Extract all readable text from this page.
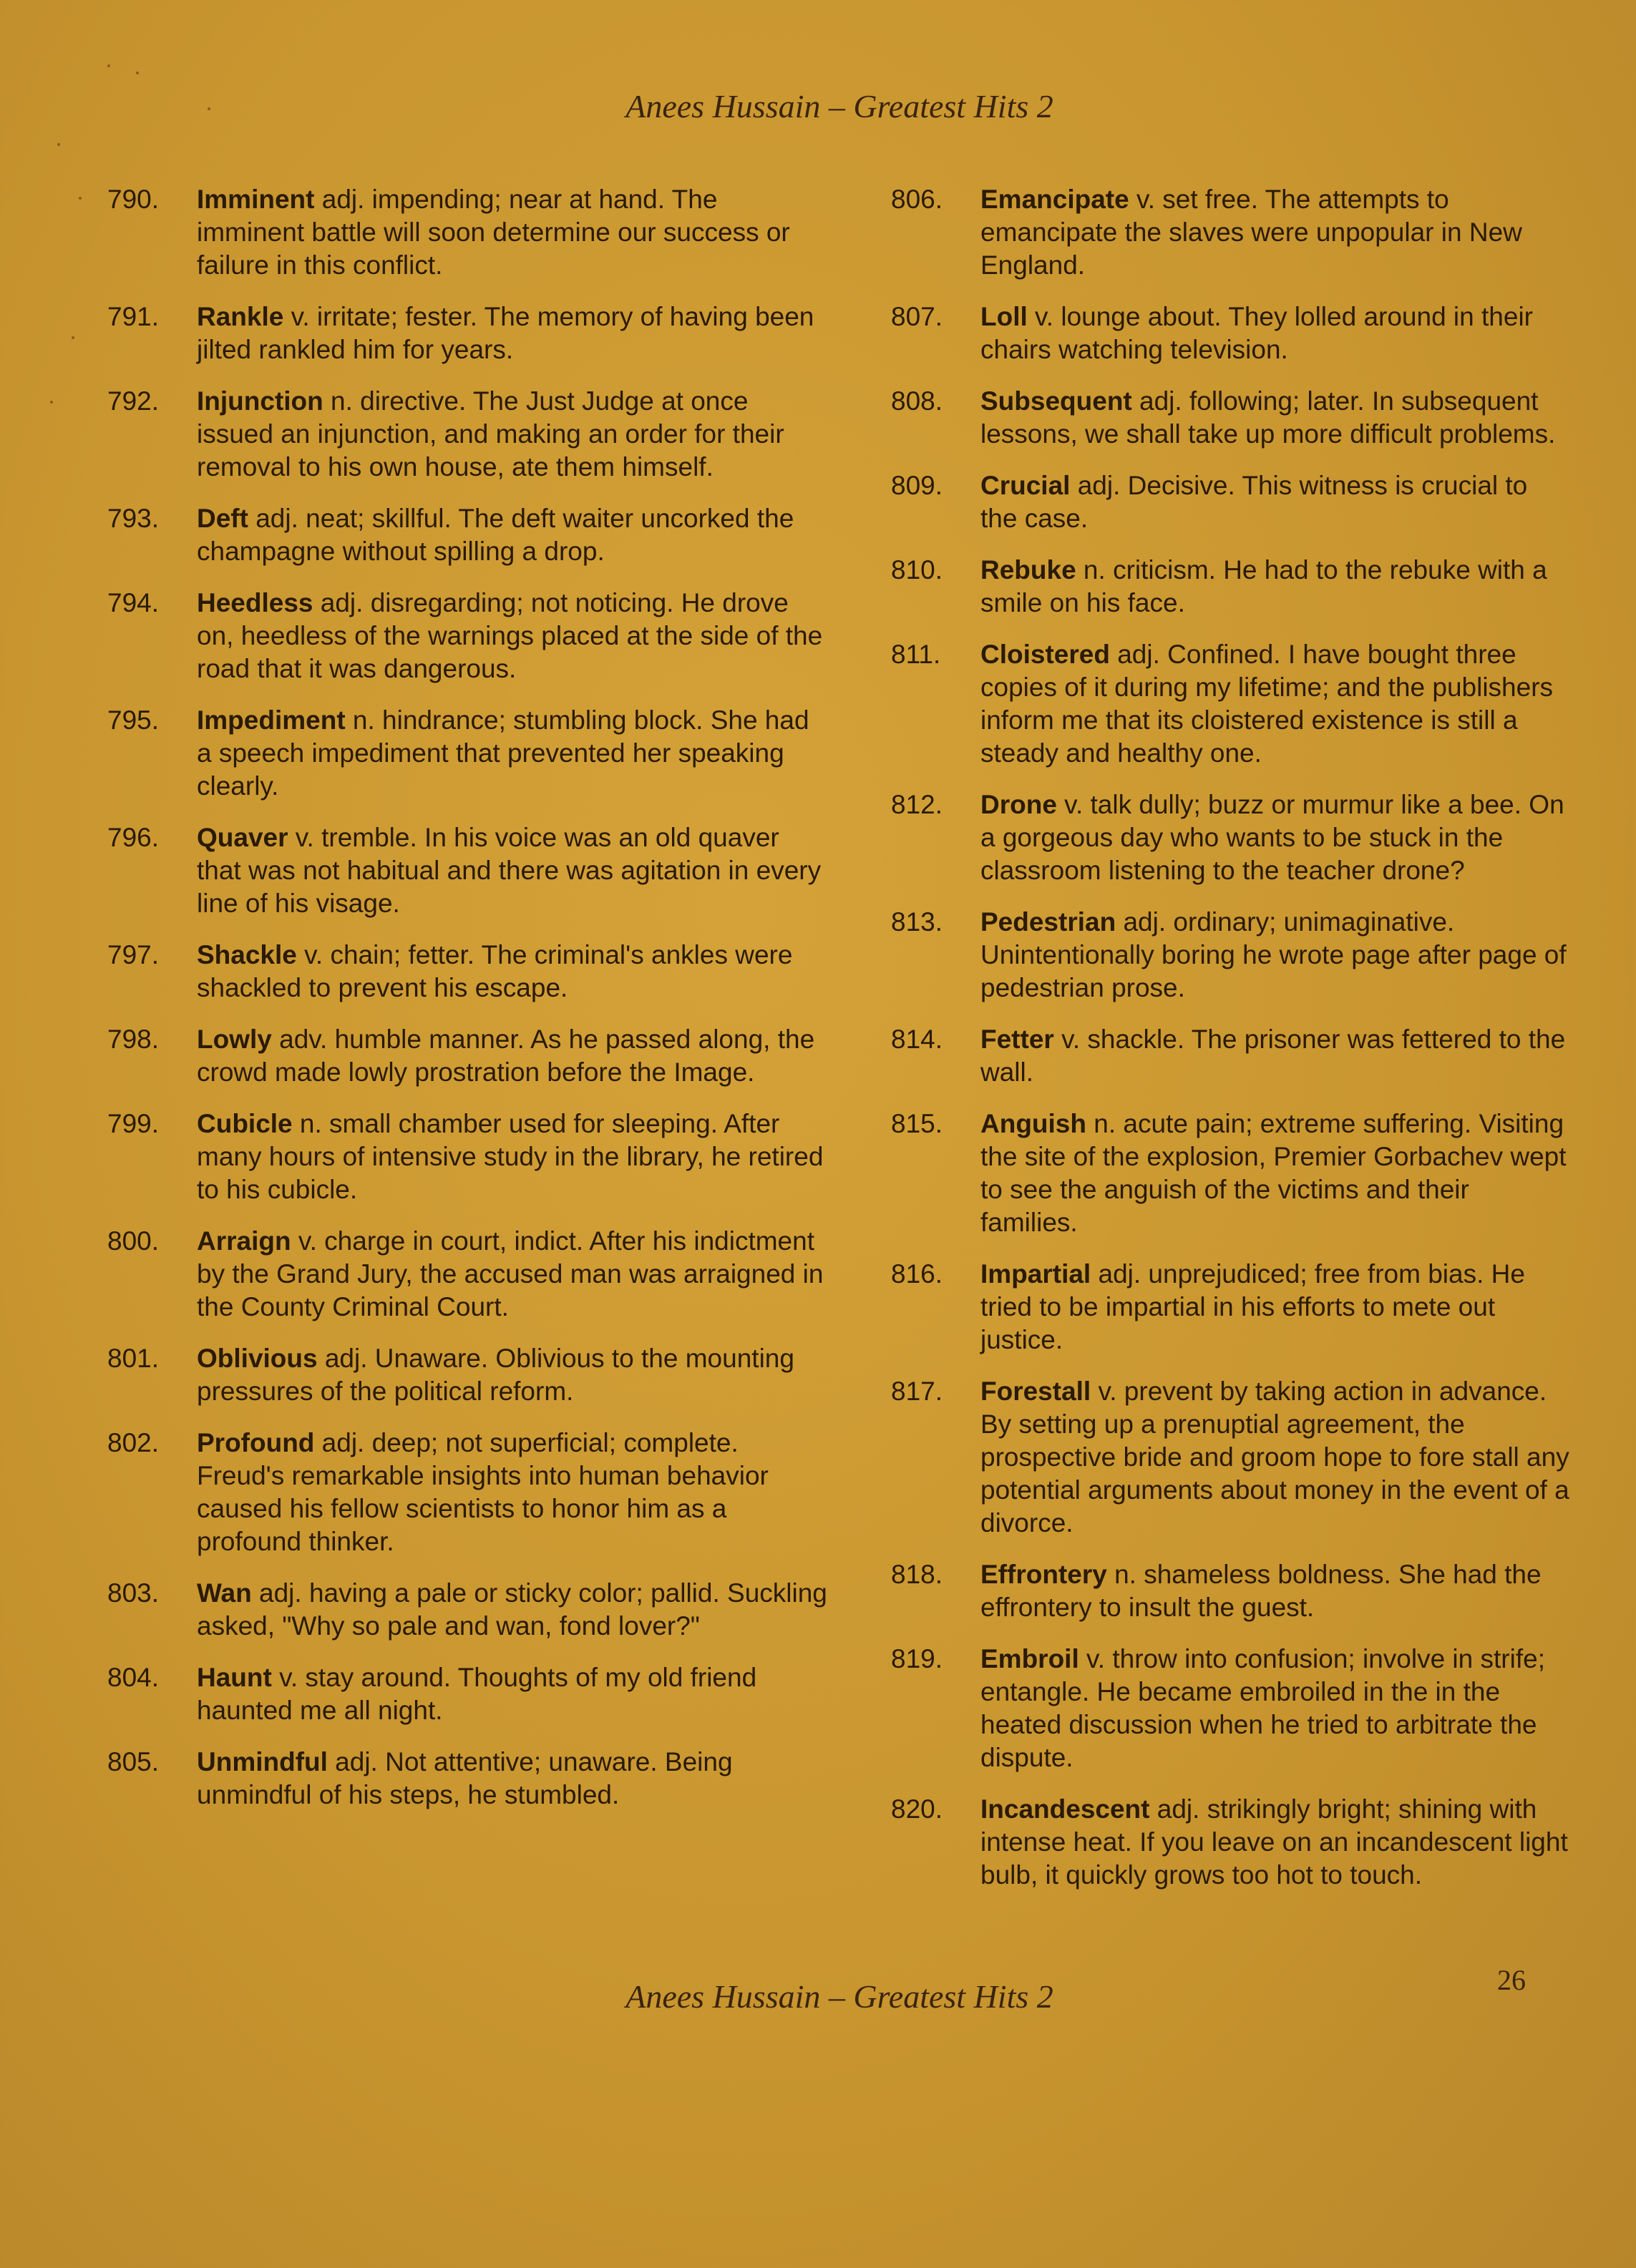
Anees Hussain – Greatest Hits 2
790.	Imminent adj. impending; near at hand. The imminent battle will soon determine our success or failure in this conflict.
791.	Rankle v. irritate; fester. The memory of having been jilted rankled him for years.
792.	Injunction n. directive. The Just Judge at once issued an injunction, and making an order for their removal to his own house, ate them himself.
793.	Deft adj. neat; skillful. The deft waiter uncorked the champagne without spilling a drop.
794.	Heedless adj. disregarding; not noticing. He drove on, heedless of the warnings placed at the side of the road that it was dangerous.
795.	Impediment n. hindrance; stumbling block. She had a speech impediment that prevented her speaking clearly.
796.	Quaver v. tremble. In his voice was an old quaver that was not habitual and there was agitation in every line of his visage.
797.	Shackle v. chain; fetter. The criminal's ankles were shackled to prevent his escape.
798.	Lowly adv. humble manner. As he passed along, the crowd made lowly prostration before the Image.
799.	Cubicle n. small chamber used for sleeping. After many hours of intensive study in the library, he retired to his cubicle.
800.	Arraign v. charge in court, indict. After his indictment by the Grand Jury, the accused man was arraigned in the County Criminal Court.
801.	Oblivious adj. Unaware. Oblivious to the mounting pressures of the political reform.
802.	Profound adj. deep; not superficial; complete. Freud's remarkable insights into human behavior caused his fellow scientists to honor him as a profound thinker.
803.	Wan adj. having a pale or sticky color; pallid. Suckling asked, "Why so pale and wan, fond lover?"
804.	Haunt v. stay around. Thoughts of my old friend haunted me all night.
805.	Unmindful adj. Not attentive; unaware. Being unmindful of his steps, he stumbled.
806.	Emancipate v. set free. The attempts to emancipate the slaves were unpopular in New England.
807.	Loll v. lounge about. They lolled around in their chairs watching television.
808.	Subsequent adj. following; later. In subsequent lessons, we shall take up more difficult problems.
809.	Crucial adj. Decisive. This witness is crucial to the case.
810.	Rebuke n. criticism. He had to the rebuke with a smile on his face.
811.	Cloistered adj. Confined. I have bought three copies of it during my lifetime; and the publishers inform me that its cloistered existence is still a steady and healthy one.
812.	Drone v. talk dully; buzz or murmur like a bee. On a gorgeous day who wants to be stuck in the classroom listening to the teacher drone?
813.	Pedestrian adj. ordinary; unimaginative. Unintentionally boring he wrote page after page of pedestrian prose.
814.	Fetter v. shackle. The prisoner was fettered to the wall.
815.	Anguish n. acute pain; extreme suffering. Visiting the site of the explosion, Premier Gorbachev wept to see the anguish of the victims and their families.
816.	Impartial adj. unprejudiced; free from bias. He tried to be impartial in his efforts to mete out justice.
817.	Forestall v. prevent by taking action in advance. By setting up a prenuptial agreement, the prospective bride and groom hope to fore stall any potential arguments about money in the event of a divorce.
818.	Effrontery n. shameless boldness. She had the effrontery to insult the guest.
819.	Embroil v. throw into confusion; involve in strife; entangle. He became embroiled in the in the heated discussion when he tried to arbitrate the dispute.
820.	Incandescent adj. strikingly bright; shining with intense heat. If you leave on an incandescent light bulb, it quickly grows too hot to touch.
26
Anees Hussain – Greatest Hits 2
